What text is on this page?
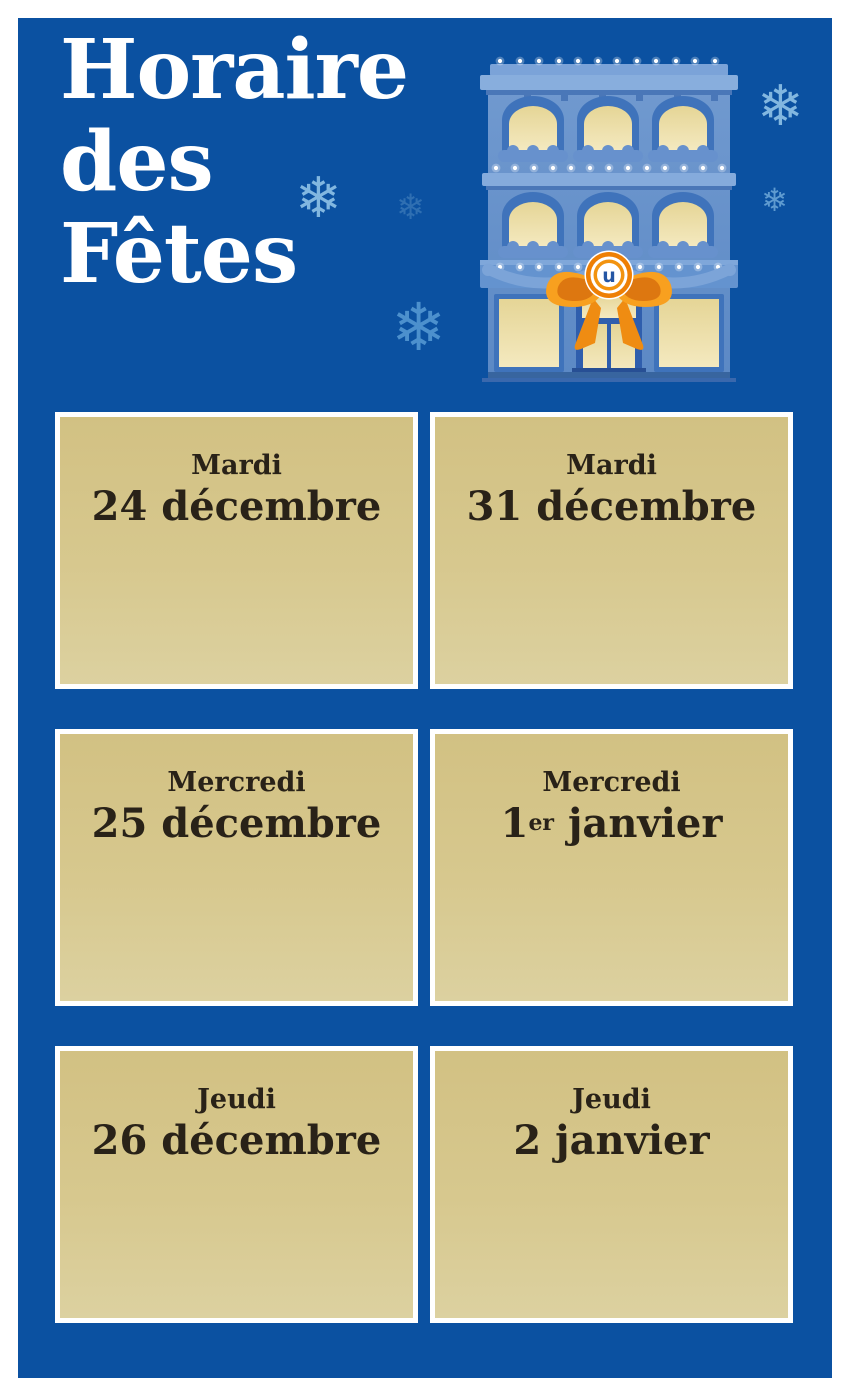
Horaire
des
Fêtes
❄ ❄
❄
❄
❄
u
Mardi
24 décembre
Mardi
31 décembre
Mercredi
25 décembre
Mercredi
1er janvier
Jeudi
26 décembre
Jeudi
2 janvier
